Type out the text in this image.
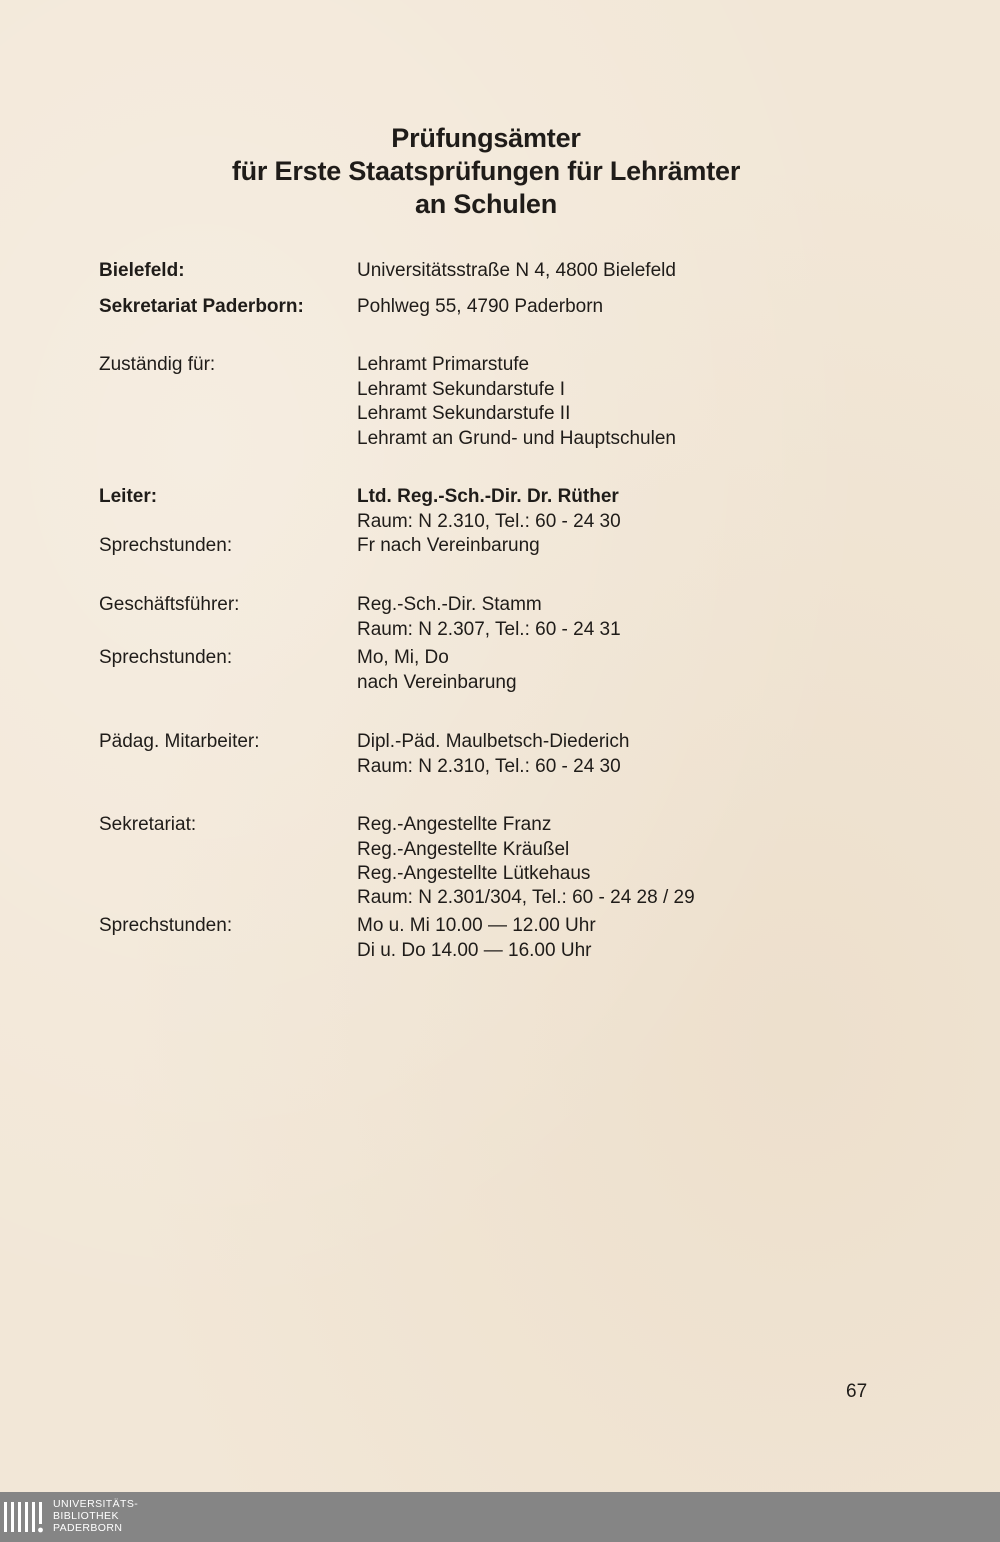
Prüfungsämter
für Erste Staatsprüfungen für Lehrämter
an Schulen
Bielefeld:	Universitätsstraße N 4, 4800 Bielefeld
Sekretariat Paderborn:	Pohlweg 55, 4790 Paderborn
Zuständig für:	Lehramt Primarstufe
Lehramt Sekundarstufe I
Lehramt Sekundarstufe II
Lehramt an Grund- und Hauptschulen
Leiter:	Ltd. Reg.-Sch.-Dir. Dr. Rüther
Raum: N 2.310, Tel.: 60 - 24 30
Sprechstunden:	Fr nach Vereinbarung
Geschäftsführer:	Reg.-Sch.-Dir. Stamm
Raum: N 2.307, Tel.: 60 - 24 31
Sprechstunden:	Mo, Mi, Do
nach Vereinbarung
Pädag. Mitarbeiter:	Dipl.-Päd. Maulbetsch-Diederich
Raum: N 2.310, Tel.: 60 - 24 30
Sekretariat:	Reg.-Angestellte Franz
Reg.-Angestellte Kräußel
Reg.-Angestellte Lütkehaus
Raum: N 2.301/304, Tel.: 60 - 24 28 / 29
Sprechstunden:	Mo u. Mi 10.00 — 12.00 Uhr
Di u. Do 14.00 — 16.00 Uhr
67
UNIVERSITÄTS-
BIBLIOTHEK
PADERBORN
